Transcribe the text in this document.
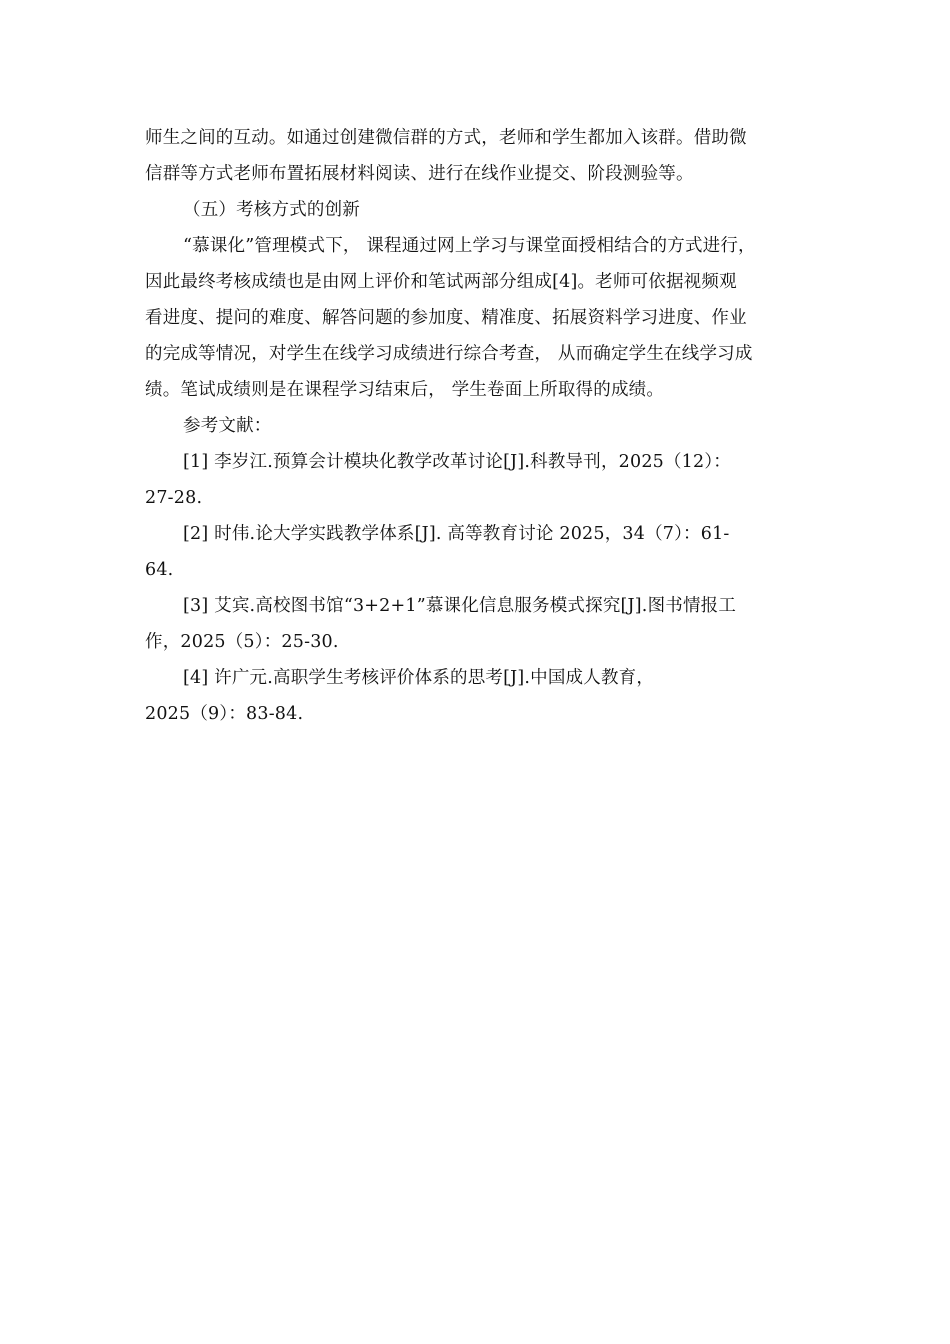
师生之间的互动。如通过创建微信群的方式，老师和学生都加入该群。借助微
信群等方式老师布置拓展材料阅读、进行在线作业提交、阶段测验等。
（五）考核方式的创新
“慕课化”管理模式下， 课程通过网上学习与课堂面授相结合的方式进行，
因此最终考核成绩也是由网上评价和笔试两部分组成[4]。老师可依据视频观
看进度、提问的难度、解答问题的参加度、精准度、拓展资料学习进度、作业
的完成等情况，对学生在线学习成绩进行综合考查， 从而确定学生在线学习成
绩。笔试成绩则是在课程学习结束后， 学生卷面上所取得的成绩。
参考文献：
[1] 李岁江.预算会计模块化教学改革讨论[J].科教导刊，2025（12）：
27-28.
[2] 时伟.论大学实践教学体系[J]. 高等教育讨论 2025，34（7）：61-
64.
[3] 艾宾.高校图书馆“3+2+1”慕课化信息服务模式探究[J].图书情报工
作，2025（5）：25-30.
[4] 许广元.高职学生考核评价体系的思考[J].中国成人教育，
2025（9）：83-84.
